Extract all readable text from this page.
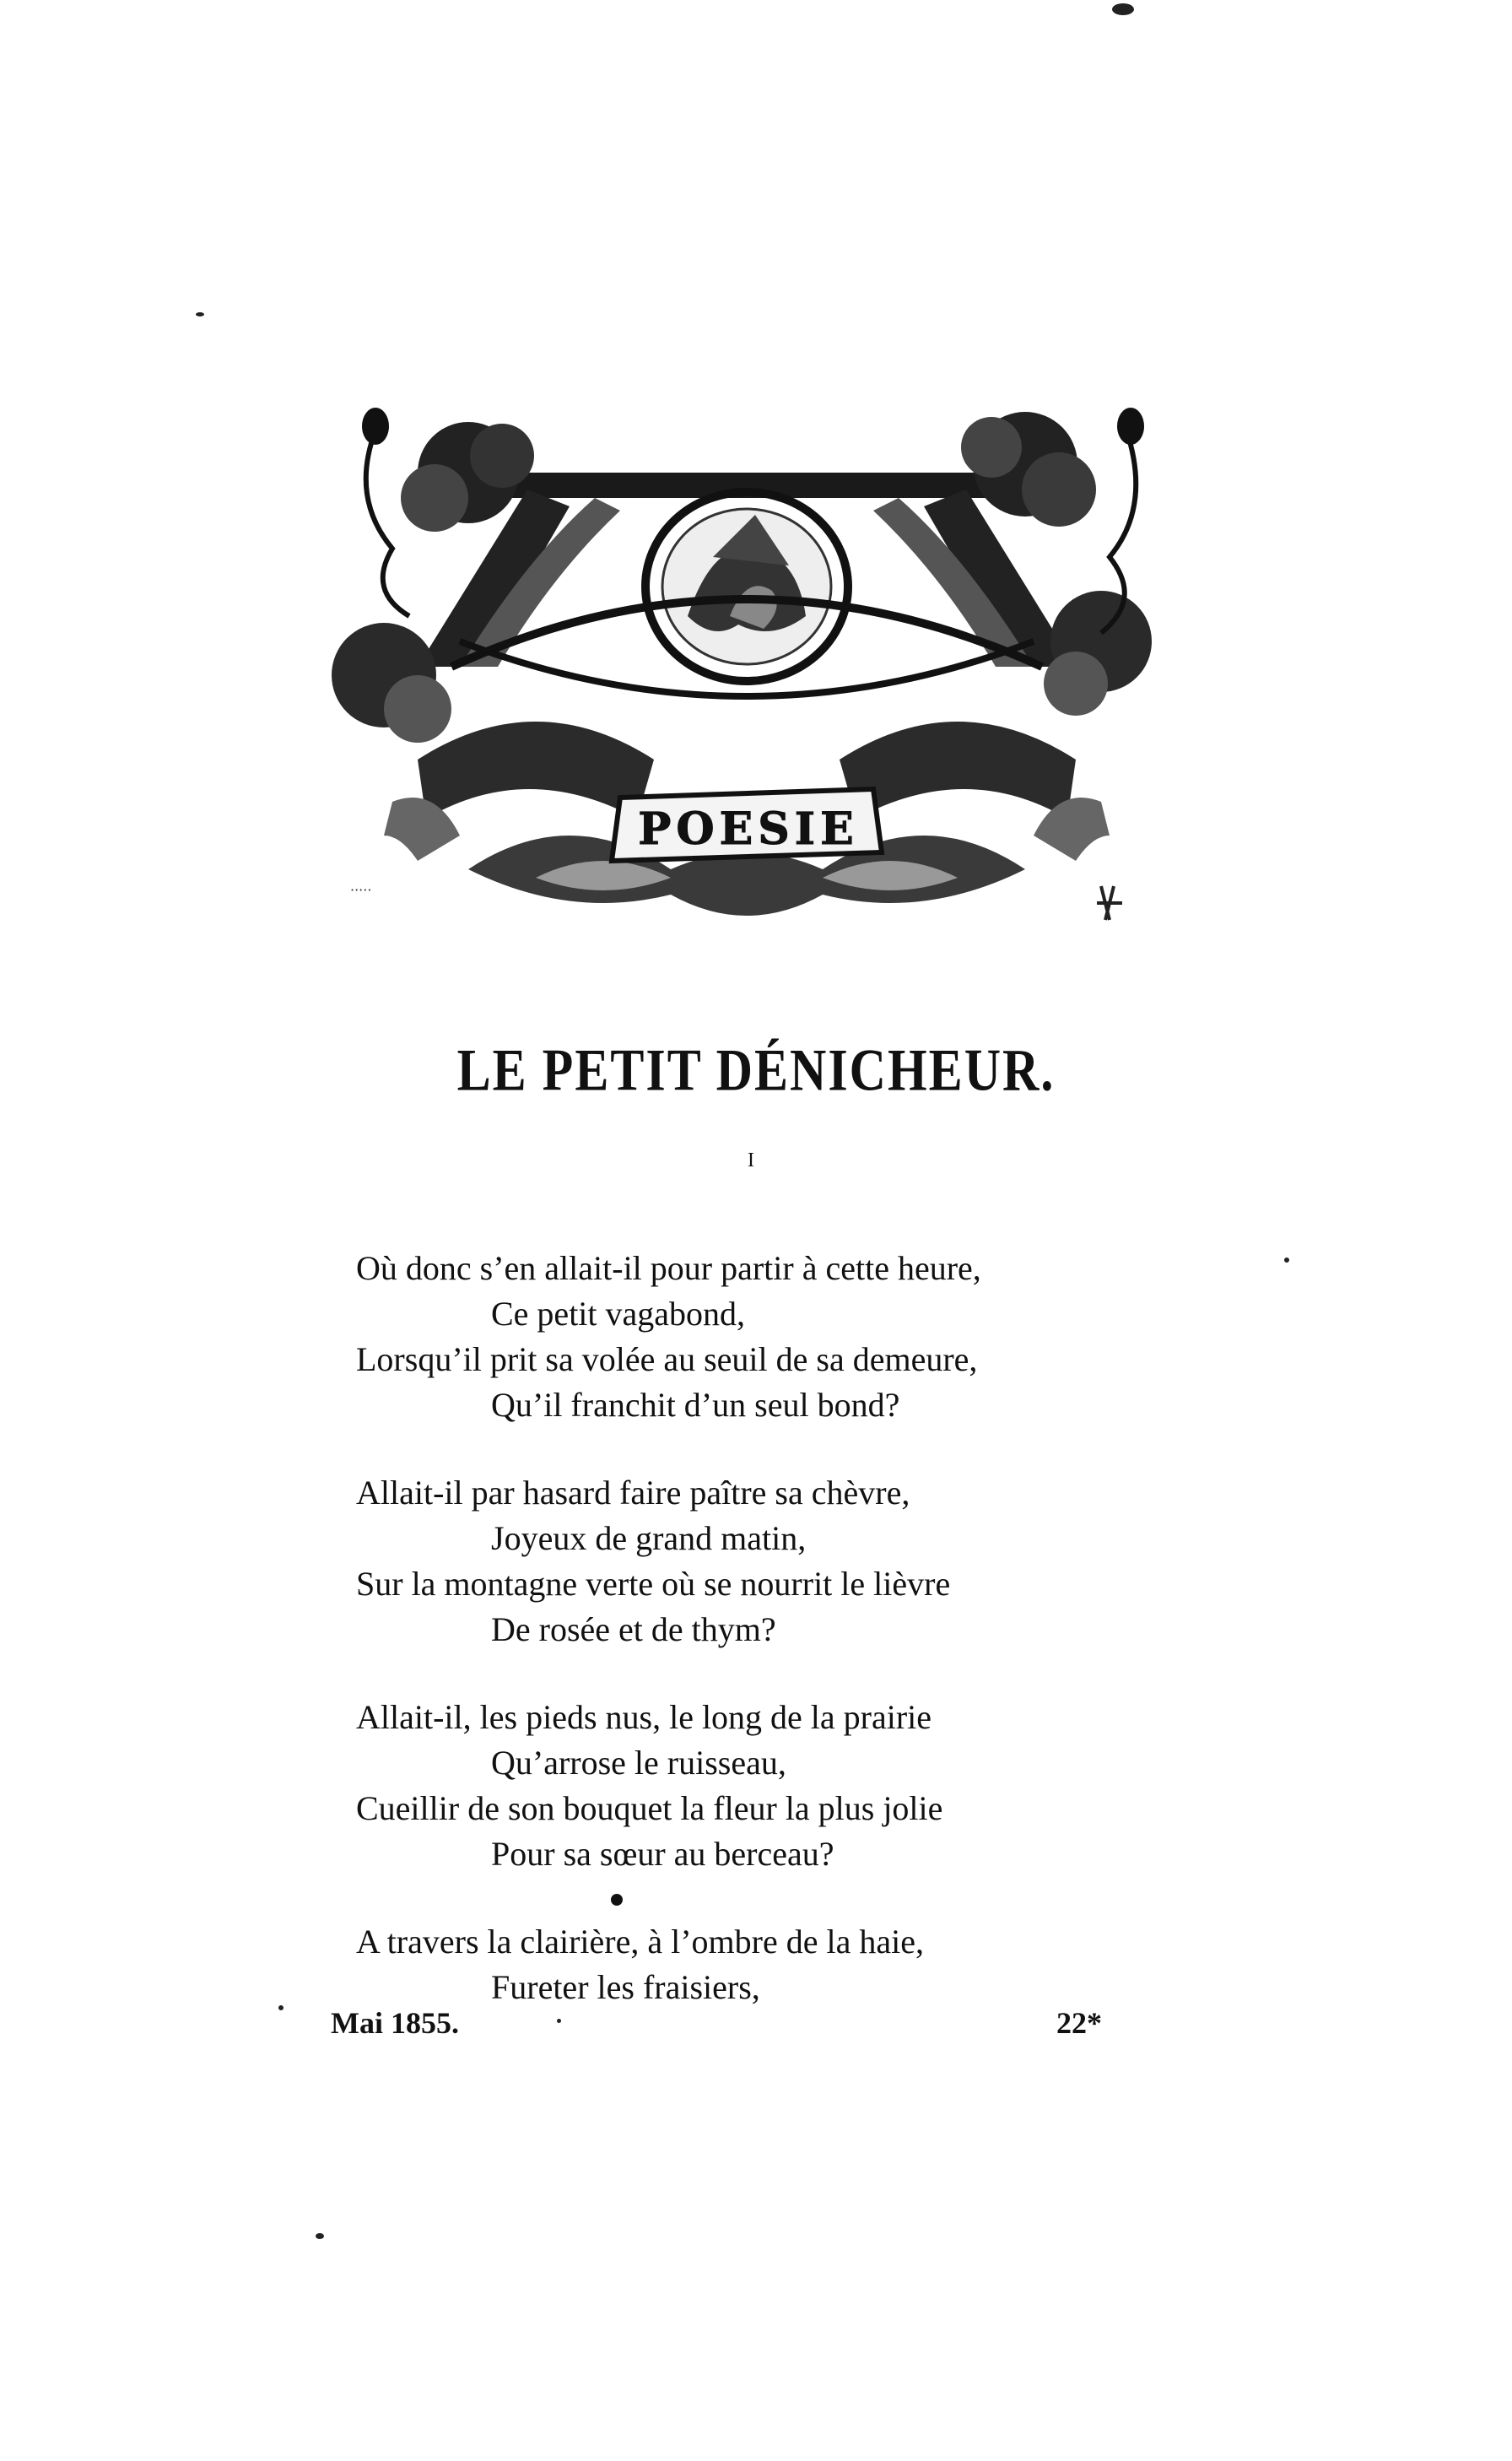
POESIE
·····
LE PETIT DÉNICHEUR.
I
Où donc s’en allait-il pour partir à cette heure,
Ce petit vagabond,
Lorsqu’il prit sa volée au seuil de sa demeure,
Qu’il franchit d’un seul bond?
Allait-il par hasard faire paître sa chèvre,
Joyeux de grand matin,
Sur la montagne verte où se nourrit le lièvre
De rosée et de thym?
Allait-il, les pieds nus, le long de la prairie
Qu’arrose le ruisseau,
Cueillir de son bouquet la fleur la plus jolie
Pour sa sœur au berceau?
A travers la clairière, à l’ombre de la haie,
Fureter les fraisiers,
Mai 1855.	22*
